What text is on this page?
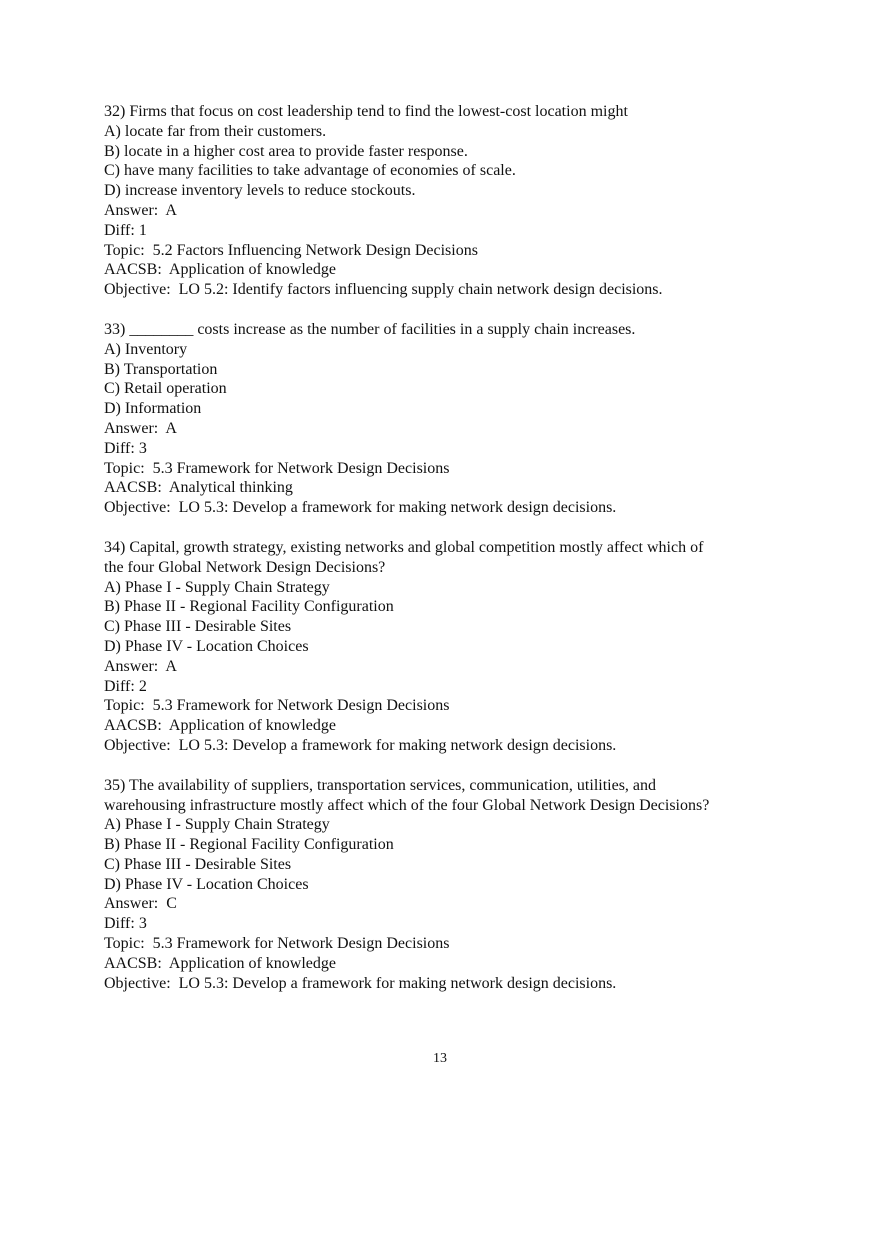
32) Firms that focus on cost leadership tend to find the lowest-cost location might
A) locate far from their customers.
B) locate in a higher cost area to provide faster response.
C) have many facilities to take advantage of economies of scale.
D) increase inventory levels to reduce stockouts.
Answer:  A
Diff: 1
Topic:  5.2 Factors Influencing Network Design Decisions
AACSB:  Application of knowledge
Objective:  LO 5.2: Identify factors influencing supply chain network design decisions.
33) ________ costs increase as the number of facilities in a supply chain increases.
A) Inventory
B) Transportation
C) Retail operation
D) Information
Answer:  A
Diff: 3
Topic:  5.3 Framework for Network Design Decisions
AACSB:  Analytical thinking
Objective:  LO 5.3: Develop a framework for making network design decisions.
34) Capital, growth strategy, existing networks and global competition mostly affect which of
the four Global Network Design Decisions?
A) Phase I - Supply Chain Strategy
B) Phase II - Regional Facility Configuration
C) Phase III - Desirable Sites
D) Phase IV - Location Choices
Answer:  A
Diff: 2
Topic:  5.3 Framework for Network Design Decisions
AACSB:  Application of knowledge
Objective:  LO 5.3: Develop a framework for making network design decisions.
35) The availability of suppliers, transportation services, communication, utilities, and
warehousing infrastructure mostly affect which of the four Global Network Design Decisions?
A) Phase I - Supply Chain Strategy
B) Phase II - Regional Facility Configuration
C) Phase III - Desirable Sites
D) Phase IV - Location Choices
Answer:  C
Diff: 3
Topic:  5.3 Framework for Network Design Decisions
AACSB:  Application of knowledge
Objective:  LO 5.3: Develop a framework for making network design decisions.
13
